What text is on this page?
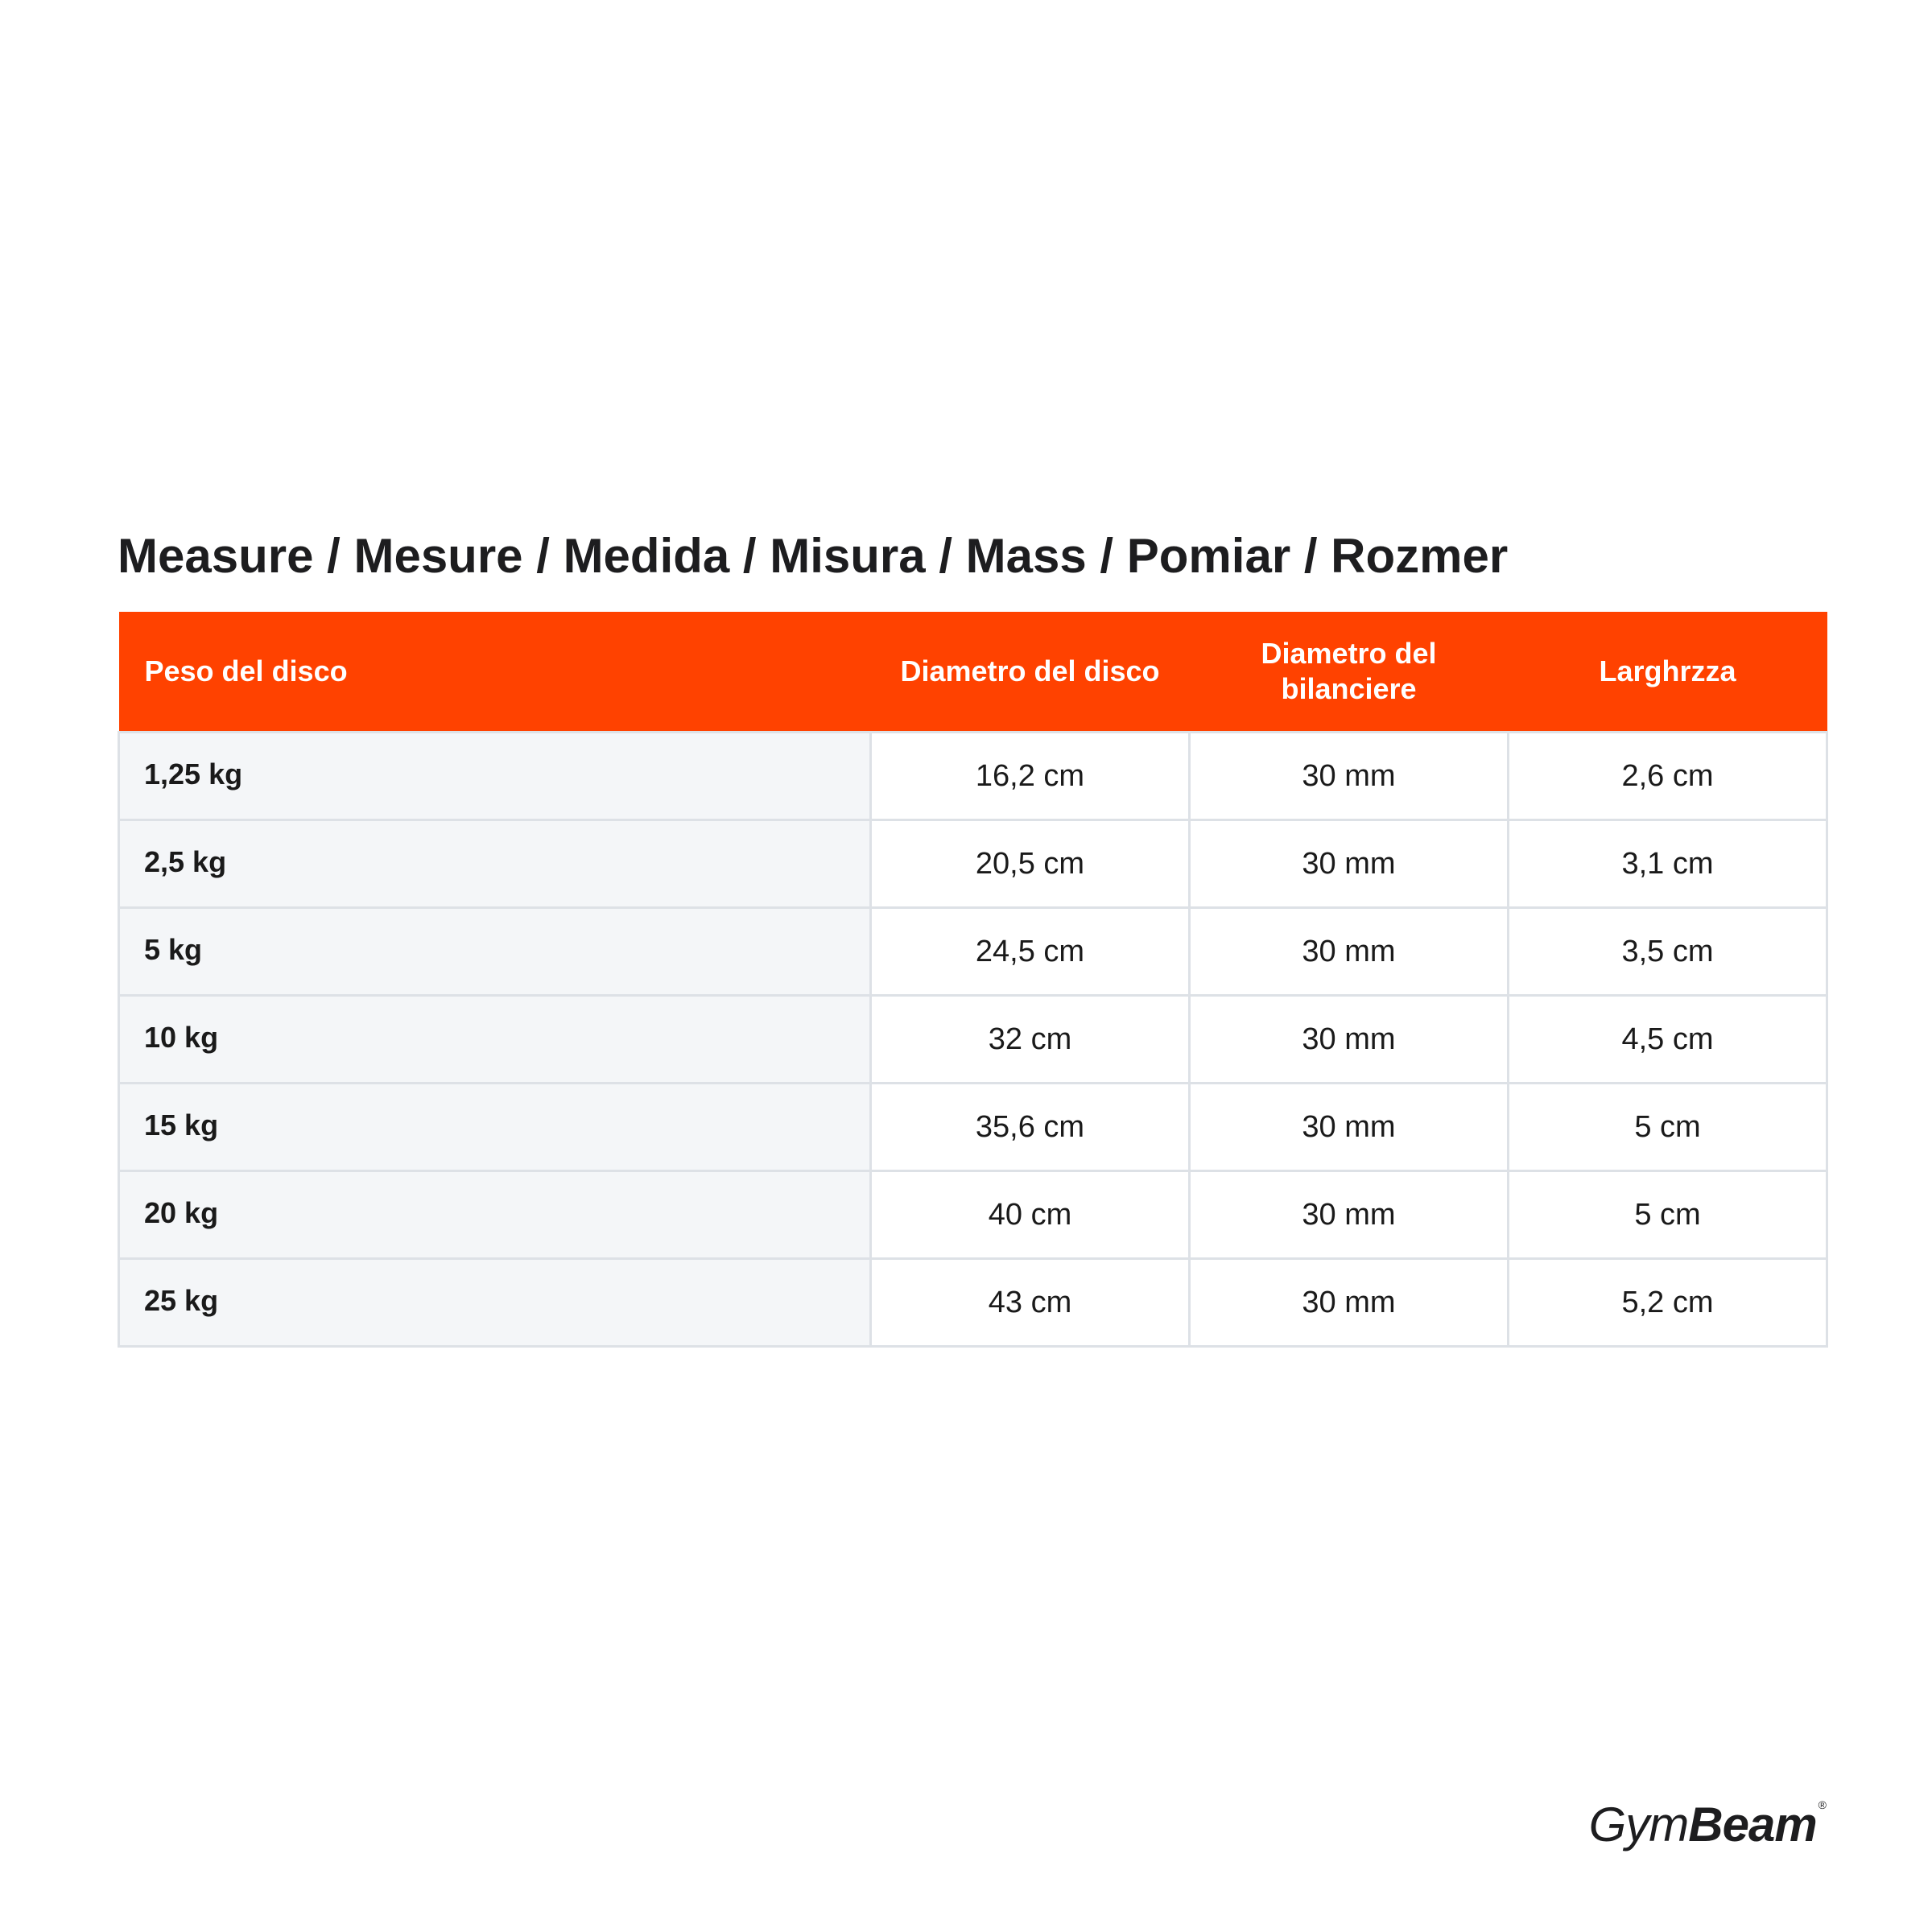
Measure / Mesure / Medida / Misura / Mass / Pomiar / Rozmer
Peso del disco	Diametro del disco	Diametro del bilanciere	Larghrzza
1,25 kg	16,2 cm	30 mm	2,6 cm
2,5 kg	20,5 cm	30 mm	3,1 cm
5 kg	24,5 cm	30 mm	3,5 cm
10 kg	32 cm	30 mm	4,5 cm
15 kg	35,6 cm	30 mm	5 cm
20 kg	40 cm	30 mm	5 cm
25 kg	43 cm	30 mm	5,2 cm
GymBeam ®
